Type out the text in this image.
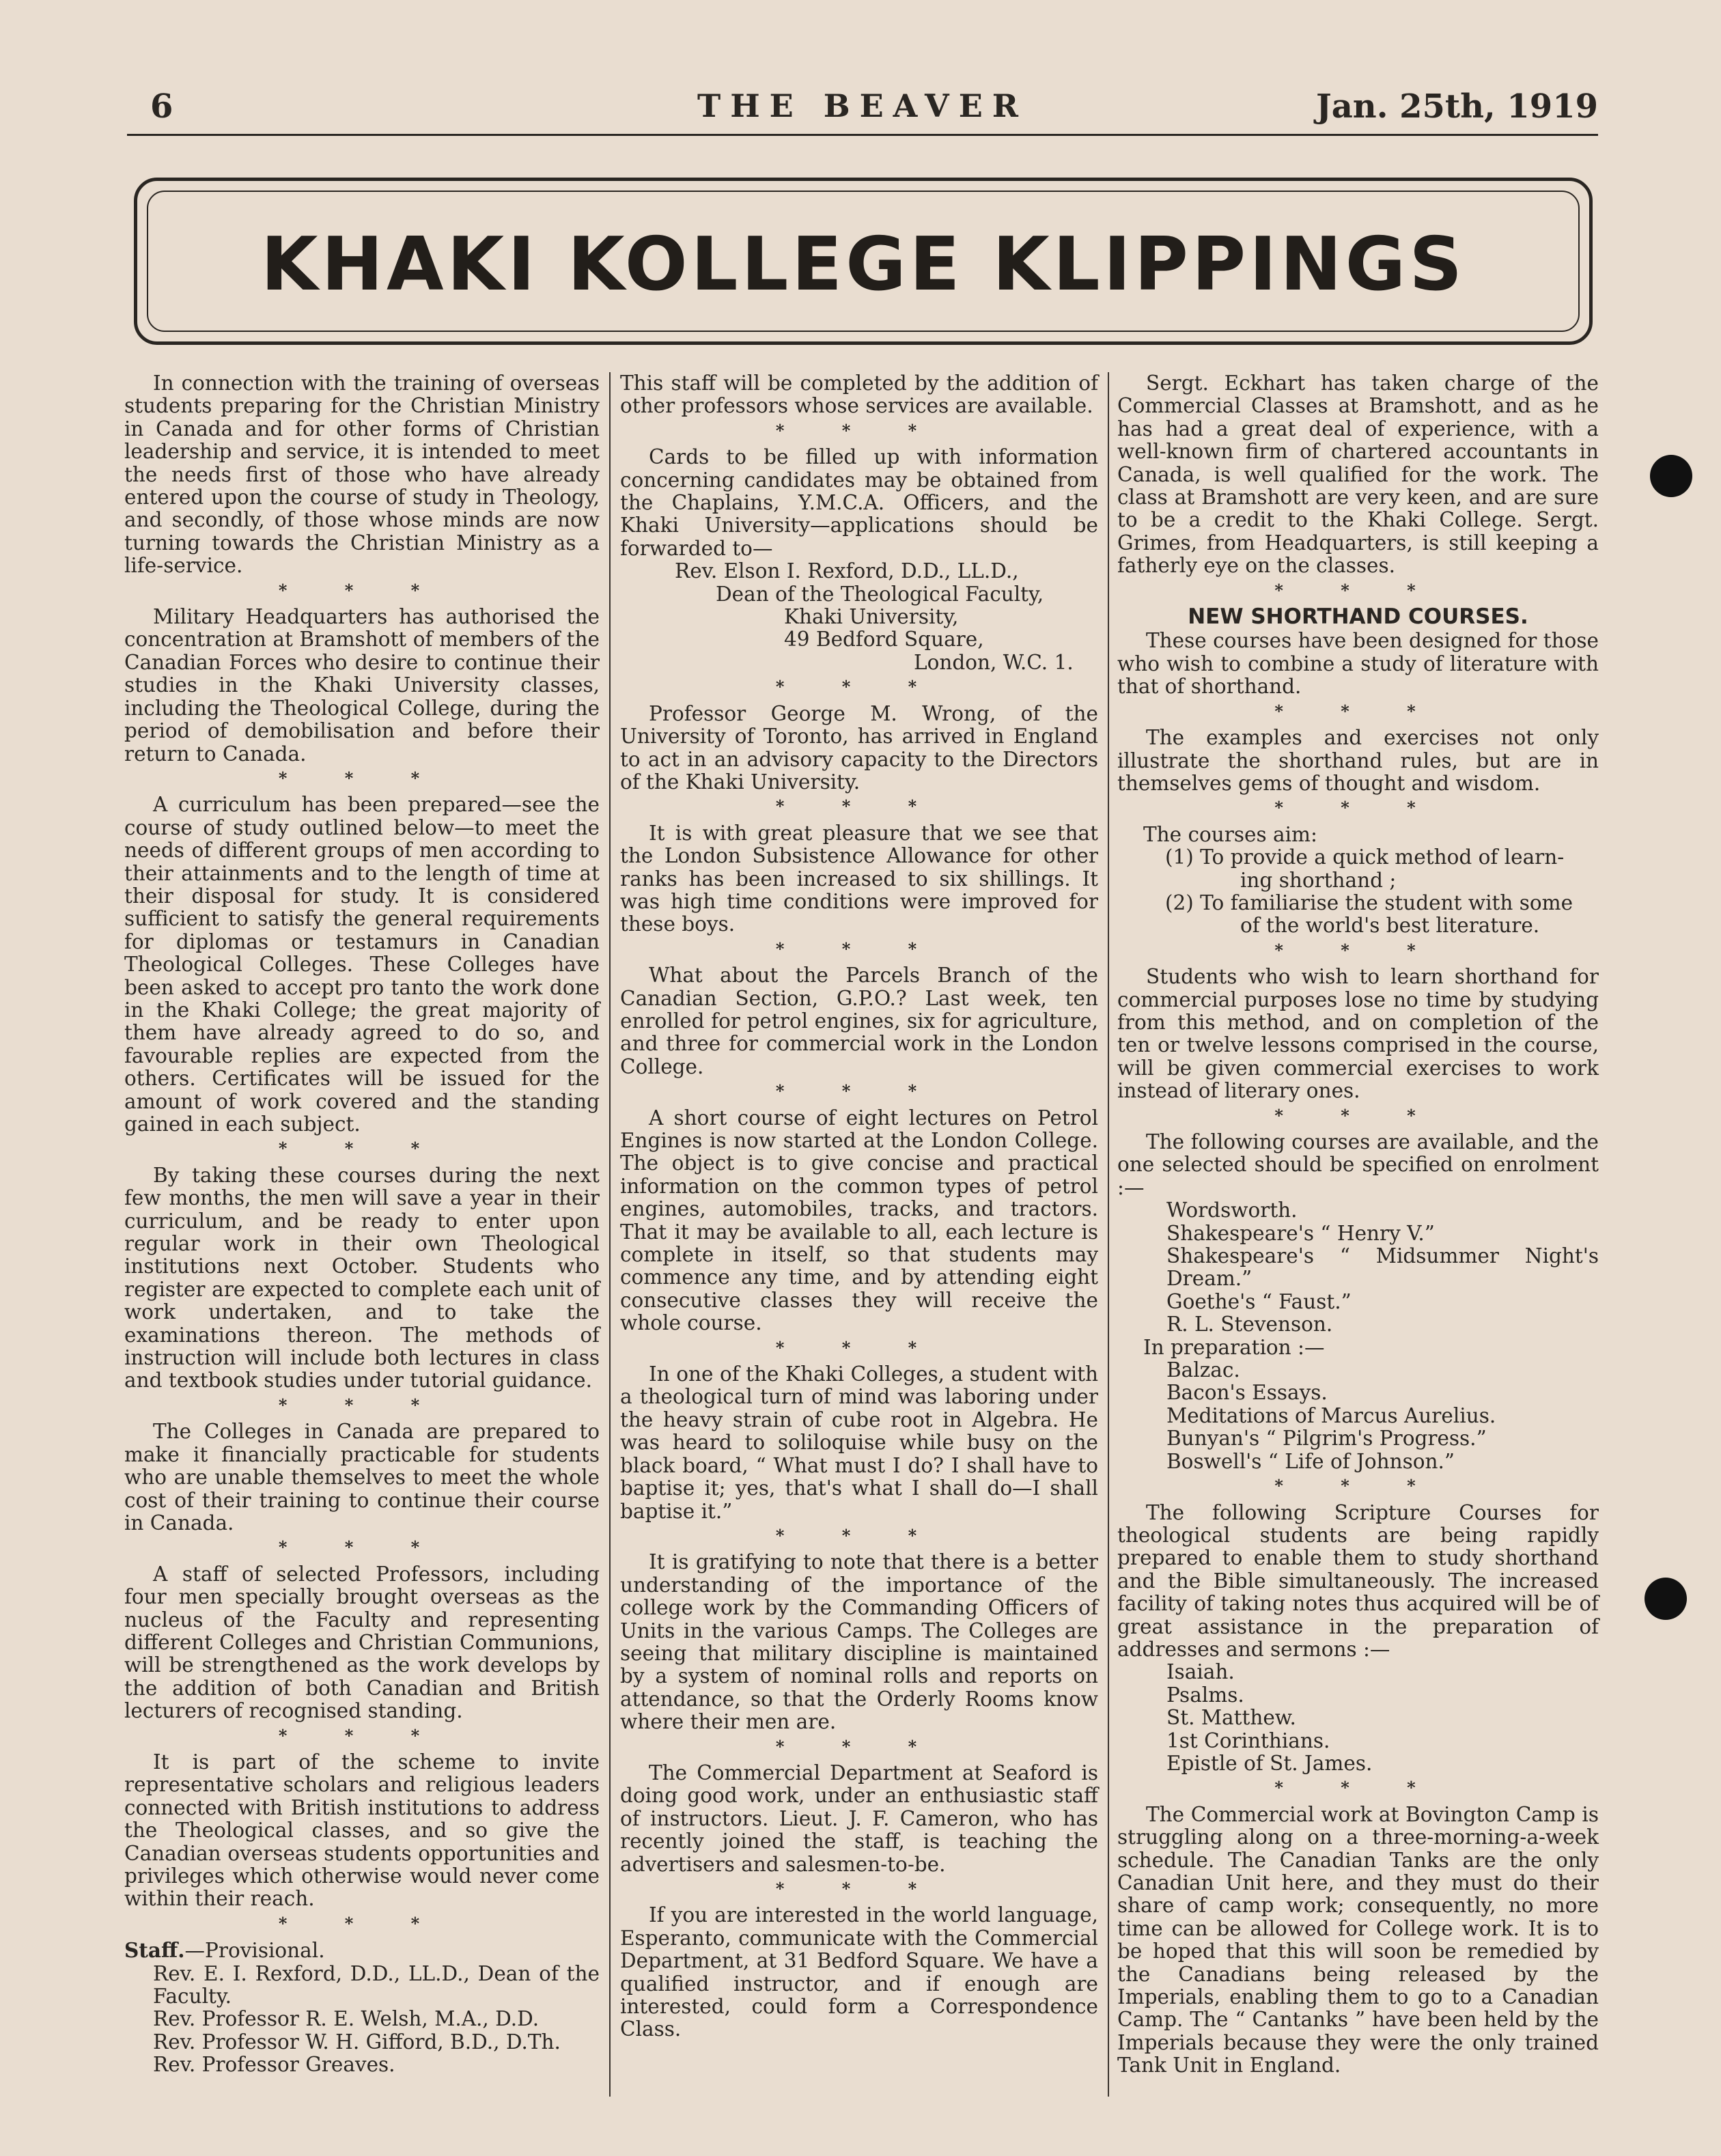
6	THE BEAVER	Jan. 25th, 1919
KHAKI KOLLEGE KLIPPINGS

In connection with the training of overseas students preparing for the Christian Ministry in Canada and for other forms of Christian leadership and service, it is intended to meet the needs first of those who have already entered upon the course of study in Theology, and secondly, of those whose minds are now turning towards the Christian Ministry as a life-service.

* * *

Military Headquarters has authorised the concentration at Bramshott of members of the Canadian Forces who desire to continue their studies in the Khaki University classes, including the Theological College, during the period of demobilisation and before their return to Canada.

* * *

A curriculum has been prepared—see the course of study outlined below—to meet the needs of different groups of men according to their attainments and to the length of time at their disposal for study. It is considered sufficient to satisfy the general requirements for diplomas or testamurs in Canadian Theological Colleges. These Colleges have been asked to accept pro tanto the work done in the Khaki College; the great majority of them have already agreed to do so, and favourable replies are expected from the others. Certificates will be issued for the amount of work covered and the standing gained in each subject.

* * *

By taking these courses during the next few months, the men will save a year in their curriculum, and be ready to enter upon regular work in their own Theological institutions next October. Students who register are expected to complete each unit of work undertaken, and to take the examinations thereon. The methods of instruction will include both lectures in class and textbook studies under tutorial guidance.

* * *

The Colleges in Canada are prepared to make it financially practicable for students who are unable themselves to meet the whole cost of their training to continue their course in Canada.

* * *

A staff of selected Professors, including four men specially brought overseas as the nucleus of the Faculty and representing different Colleges and Christian Communions, will be strengthened as the work develops by the addition of both Canadian and British lecturers of recognised standing.

* * *

It is part of the scheme to invite representative scholars and religious leaders connected with British institutions to address the Theological classes, and so give the Canadian overseas students opportunities and privileges which otherwise would never come within their reach.

* * *
Staff.—Provisional.
Rev. E. I. Rexford, D.D., LL.D., Dean of the Faculty.
Rev. Professor R. E. Welsh, M.A., D.D.
Rev. Professor W. H. Gifford, B.D., D.Th.
Rev. Professor Greaves.

This staff will be completed by the addition of other professors whose services are available.

* * *

Cards to be filled up with information concerning candidates may be obtained from the Chaplains, Y.M.C.A. Officers, and the Khaki University—applications should be forwarded to—

Rev. Elson I. Rexford, D.D., LL.D.,
Dean of the Theological Faculty,
Khaki University,
49 Bedford Square,
London, W.C. 1.
* * *

Professor George M. Wrong, of the University of Toronto, has arrived in England to act in an advisory capacity to the Directors of the Khaki University.

* * *

It is with great pleasure that we see that the London Subsistence Allowance for other ranks has been increased to six shillings. It was high time conditions were improved for these boys.

* * *

What about the Parcels Branch of the Canadian Section, G.P.O.? Last week, ten enrolled for petrol engines, six for agriculture, and three for commercial work in the London College.

* * *

A short course of eight lectures on Petrol Engines is now started at the London College. The object is to give concise and practical information on the common types of petrol engines, automobiles, tracks, and tractors. That it may be available to all, each lecture is complete in itself, so that students may commence any time, and by attending eight consecutive classes they will receive the whole course.

* * *

In one of the Khaki Colleges, a student with a theological turn of mind was laboring under the heavy strain of cube root in Algebra. He was heard to soliloquise while busy on the black board, “ What must I do? I shall have to baptise it; yes, that's what I shall do—I shall baptise it.”

* * *

It is gratifying to note that there is a better understanding of the importance of the college work by the Commanding Officers of Units in the various Camps. The Colleges are seeing that military discipline is maintained by a system of nominal rolls and reports on attendance, so that the Orderly Rooms know where their men are.

* * *

The Commercial Department at Seaford is doing good work, under an enthusiastic staff of instructors. Lieut. J. F. Cameron, who has recently joined the staff, is teaching the advertisers and salesmen-to-be.

* * *

If you are interested in the world language, Esperanto, communicate with the Commercial Department, at 31 Bedford Square. We have a qualified instructor, and if enough are interested, could form a Correspondence Class.

Sergt. Eckhart has taken charge of the Commercial Classes at Bramshott, and as he has had a great deal of experience, with a well-known firm of chartered accountants in Canada, is well qualified for the work. The class at Bramshott are very keen, and are sure to be a credit to the Khaki College. Sergt. Grimes, from Headquarters, is still keeping a fatherly eye on the classes.

* * *
NEW SHORTHAND COURSES.

These courses have been designed for those who wish to combine a study of literature with that of shorthand.

* * *

The examples and exercises not only illustrate the shorthand rules, but are in themselves gems of thought and wisdom.

* * *
The courses aim:
(1) To provide a quick method of learn-
ing shorthand ;
(2) To familiarise the student with some
of the world's best literature.
* * *

Students who wish to learn shorthand for commercial purposes lose no time by studying from this method, and on completion of the ten or twelve lessons comprised in the course, will be given commercial exercises to work instead of literary ones.

* * *

The following courses are available, and the one selected should be specified on enrolment :—

Wordsworth.
Shakespeare's “ Henry V.”
Shakespeare's “ Midsummer Night's Dream.”
Goethe's “ Faust.”
R. L. Stevenson.
In preparation :—
Balzac.
Bacon's Essays.
Meditations of Marcus Aurelius.
Bunyan's “ Pilgrim's Progress.”
Boswell's “ Life of Johnson.”
* * *

The following Scripture Courses for theological students are being rapidly prepared to enable them to study shorthand and the Bible simultaneously. The increased facility of taking notes thus acquired will be of great assistance in the preparation of addresses and sermons :—

Isaiah.
Psalms.
St. Matthew.
1st Corinthians.
Epistle of St. James.
* * *

The Commercial work at Bovington Camp is struggling along on a three-morning-a-week schedule. The Canadian Tanks are the only Canadian Unit here, and they must do their share of camp work; consequently, no more time can be allowed for College work. It is to be hoped that this will soon be remedied by the Canadians being released by the Imperials, enabling them to go to a Canadian Camp. The “ Cantanks ” have been held by the Imperials because they were the only trained Tank Unit in England.
